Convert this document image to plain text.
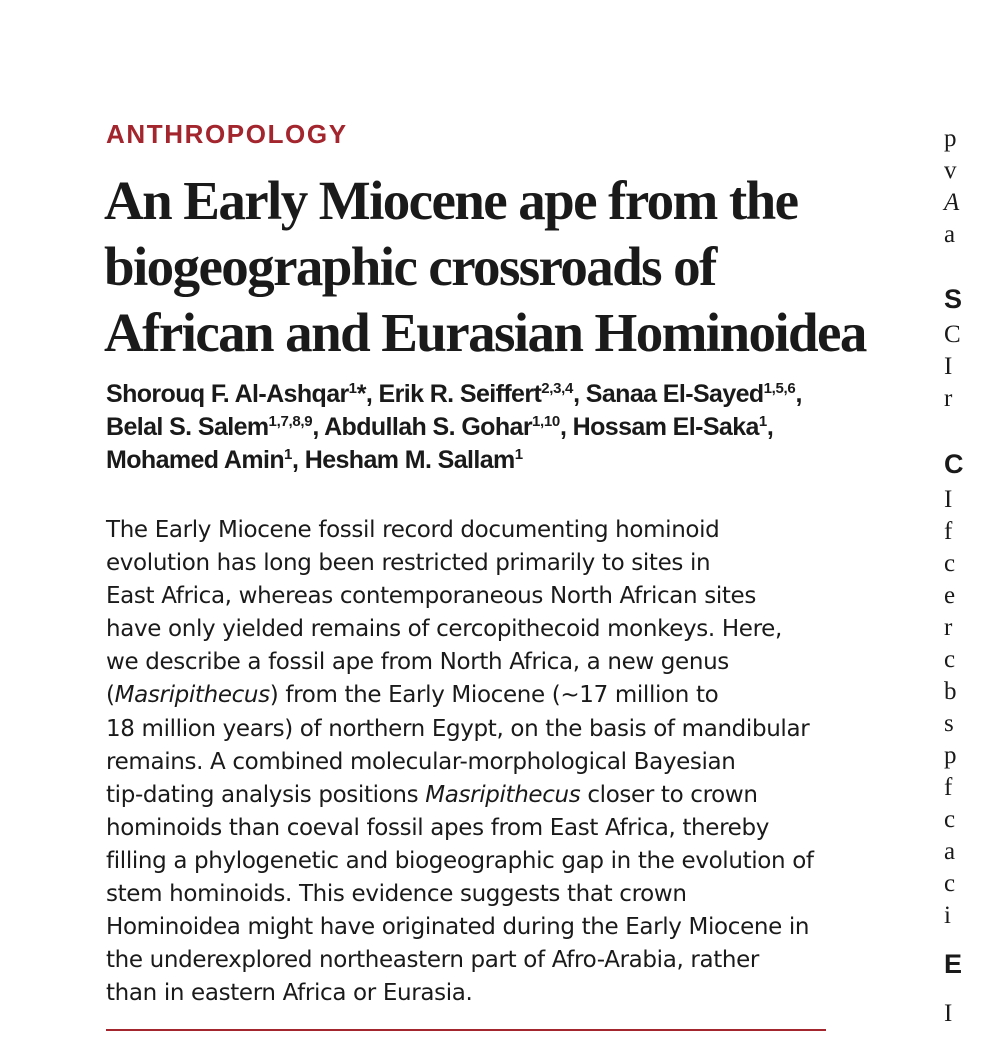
ANTHROPOLOGY
An Early Miocene ape from the
biogeographic crossroads of
African and Eurasian Hominoidea
Shorouq F. Al-Ashqar$^1$*, Erik R. Seiffert$^{2,3,4}$, Sanaa El-Sayed$^{1,5,6}$,
Belal S. Salem$^{1,7,8,9}$, Abdullah S. Gohar$^{1,10}$, Hossam El-Saka$^1$,
Mohamed Amin$^1$, Hesham M. Sallam$^1$
The Early Miocene fossil record documenting hominoid
evolution has long been restricted primarily to sites in
East Africa, whereas contemporaneous North African sites
have only yielded remains of cercopithecoid monkeys. Here,
we describe a fossil ape from North Africa, a new genus
(Masripithecus) from the Early Miocene (~17 million to
18 million years) of northern Egypt, on the basis of mandibular
remains. A combined molecular-morphological Bayesian
tip-dating analysis positions Masripithecus closer to crown
hominoids than coeval fossil apes from East Africa, thereby
filling a phylogenetic and biogeographic gap in the evolution of
stem hominoids. This evidence suggests that crown
Hominoidea might have originated during the Early Miocene in
the underexplored northeastern part of Afro-Arabia, rather
than in eastern Africa or Eurasia.
p
v
A
a
S
C
I
r
C
I
f
c
e
r
c
b
s
p
f
c
a
c
i
E
I
